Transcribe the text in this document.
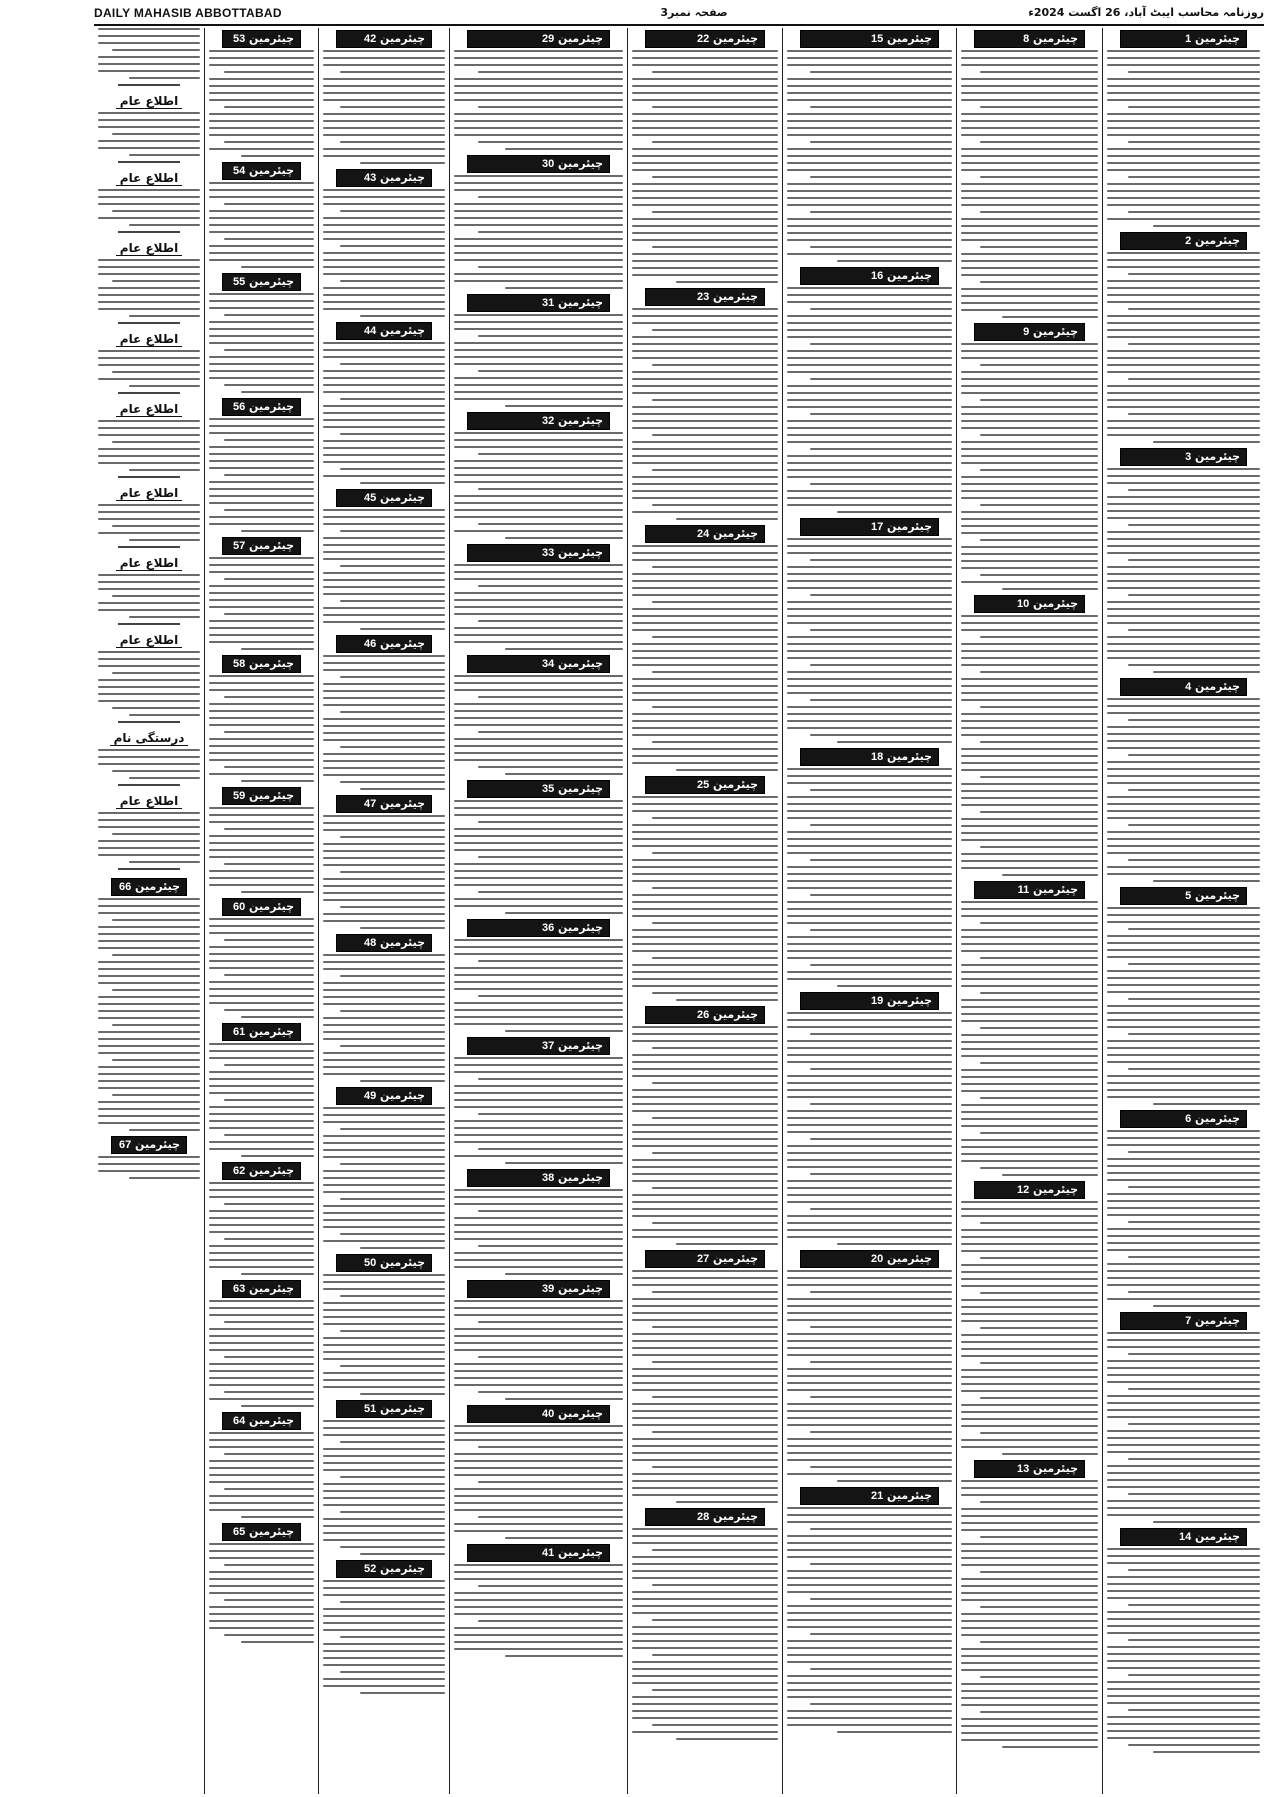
DAILY MAHASIB ABBOTTABAD	صفحہ نمبر3	روزنامہ محاسب ایبٹ آباد، 26 اگست 2024ء
چیئرمین 1
چیئرمین 2
چیئرمین 3
چیئرمین 4
چیئرمین 5
چیئرمین 6
چیئرمین 7
چیئرمین 14
چیئرمین 8
چیئرمین 9
چیئرمین 10
چیئرمین 11
چیئرمین 12
چیئرمین 13
چیئرمین 15
چیئرمین 16
چیئرمین 17
چیئرمین 18
چیئرمین 19
چیئرمین 20
چیئرمین 21
چیئرمین 22
چیئرمین 23
چیئرمین 24
چیئرمین 25
چیئرمین 26
چیئرمین 27
چیئرمین 28
چیئرمین 29
چیئرمین 30
چیئرمین 31
چیئرمین 32
چیئرمین 33
چیئرمین 34
چیئرمین 35
چیئرمین 36
چیئرمین 37
چیئرمین 38
چیئرمین 39
چیئرمین 40
چیئرمین 41
چیئرمین 42
چیئرمین 43
چیئرمین 44
چیئرمین 45
چیئرمین 46
چیئرمین 47
چیئرمین 48
چیئرمین 49
چیئرمین 50
چیئرمین 51
چیئرمین 52
چیئرمین 53
چیئرمین 54
چیئرمین 55
چیئرمین 56
چیئرمین 57
چیئرمین 58
چیئرمین 59
چیئرمین 60
چیئرمین 61
چیئرمین 62
چیئرمین 63
چیئرمین 64
چیئرمین 65
اطلاع عام
اطلاع عام
اطلاع عام
اطلاع عام
اطلاع عام
اطلاع عام
اطلاع عام
اطلاع عام
درستگی نام
اطلاع عام
چیئرمین 66
چیئرمین 67
